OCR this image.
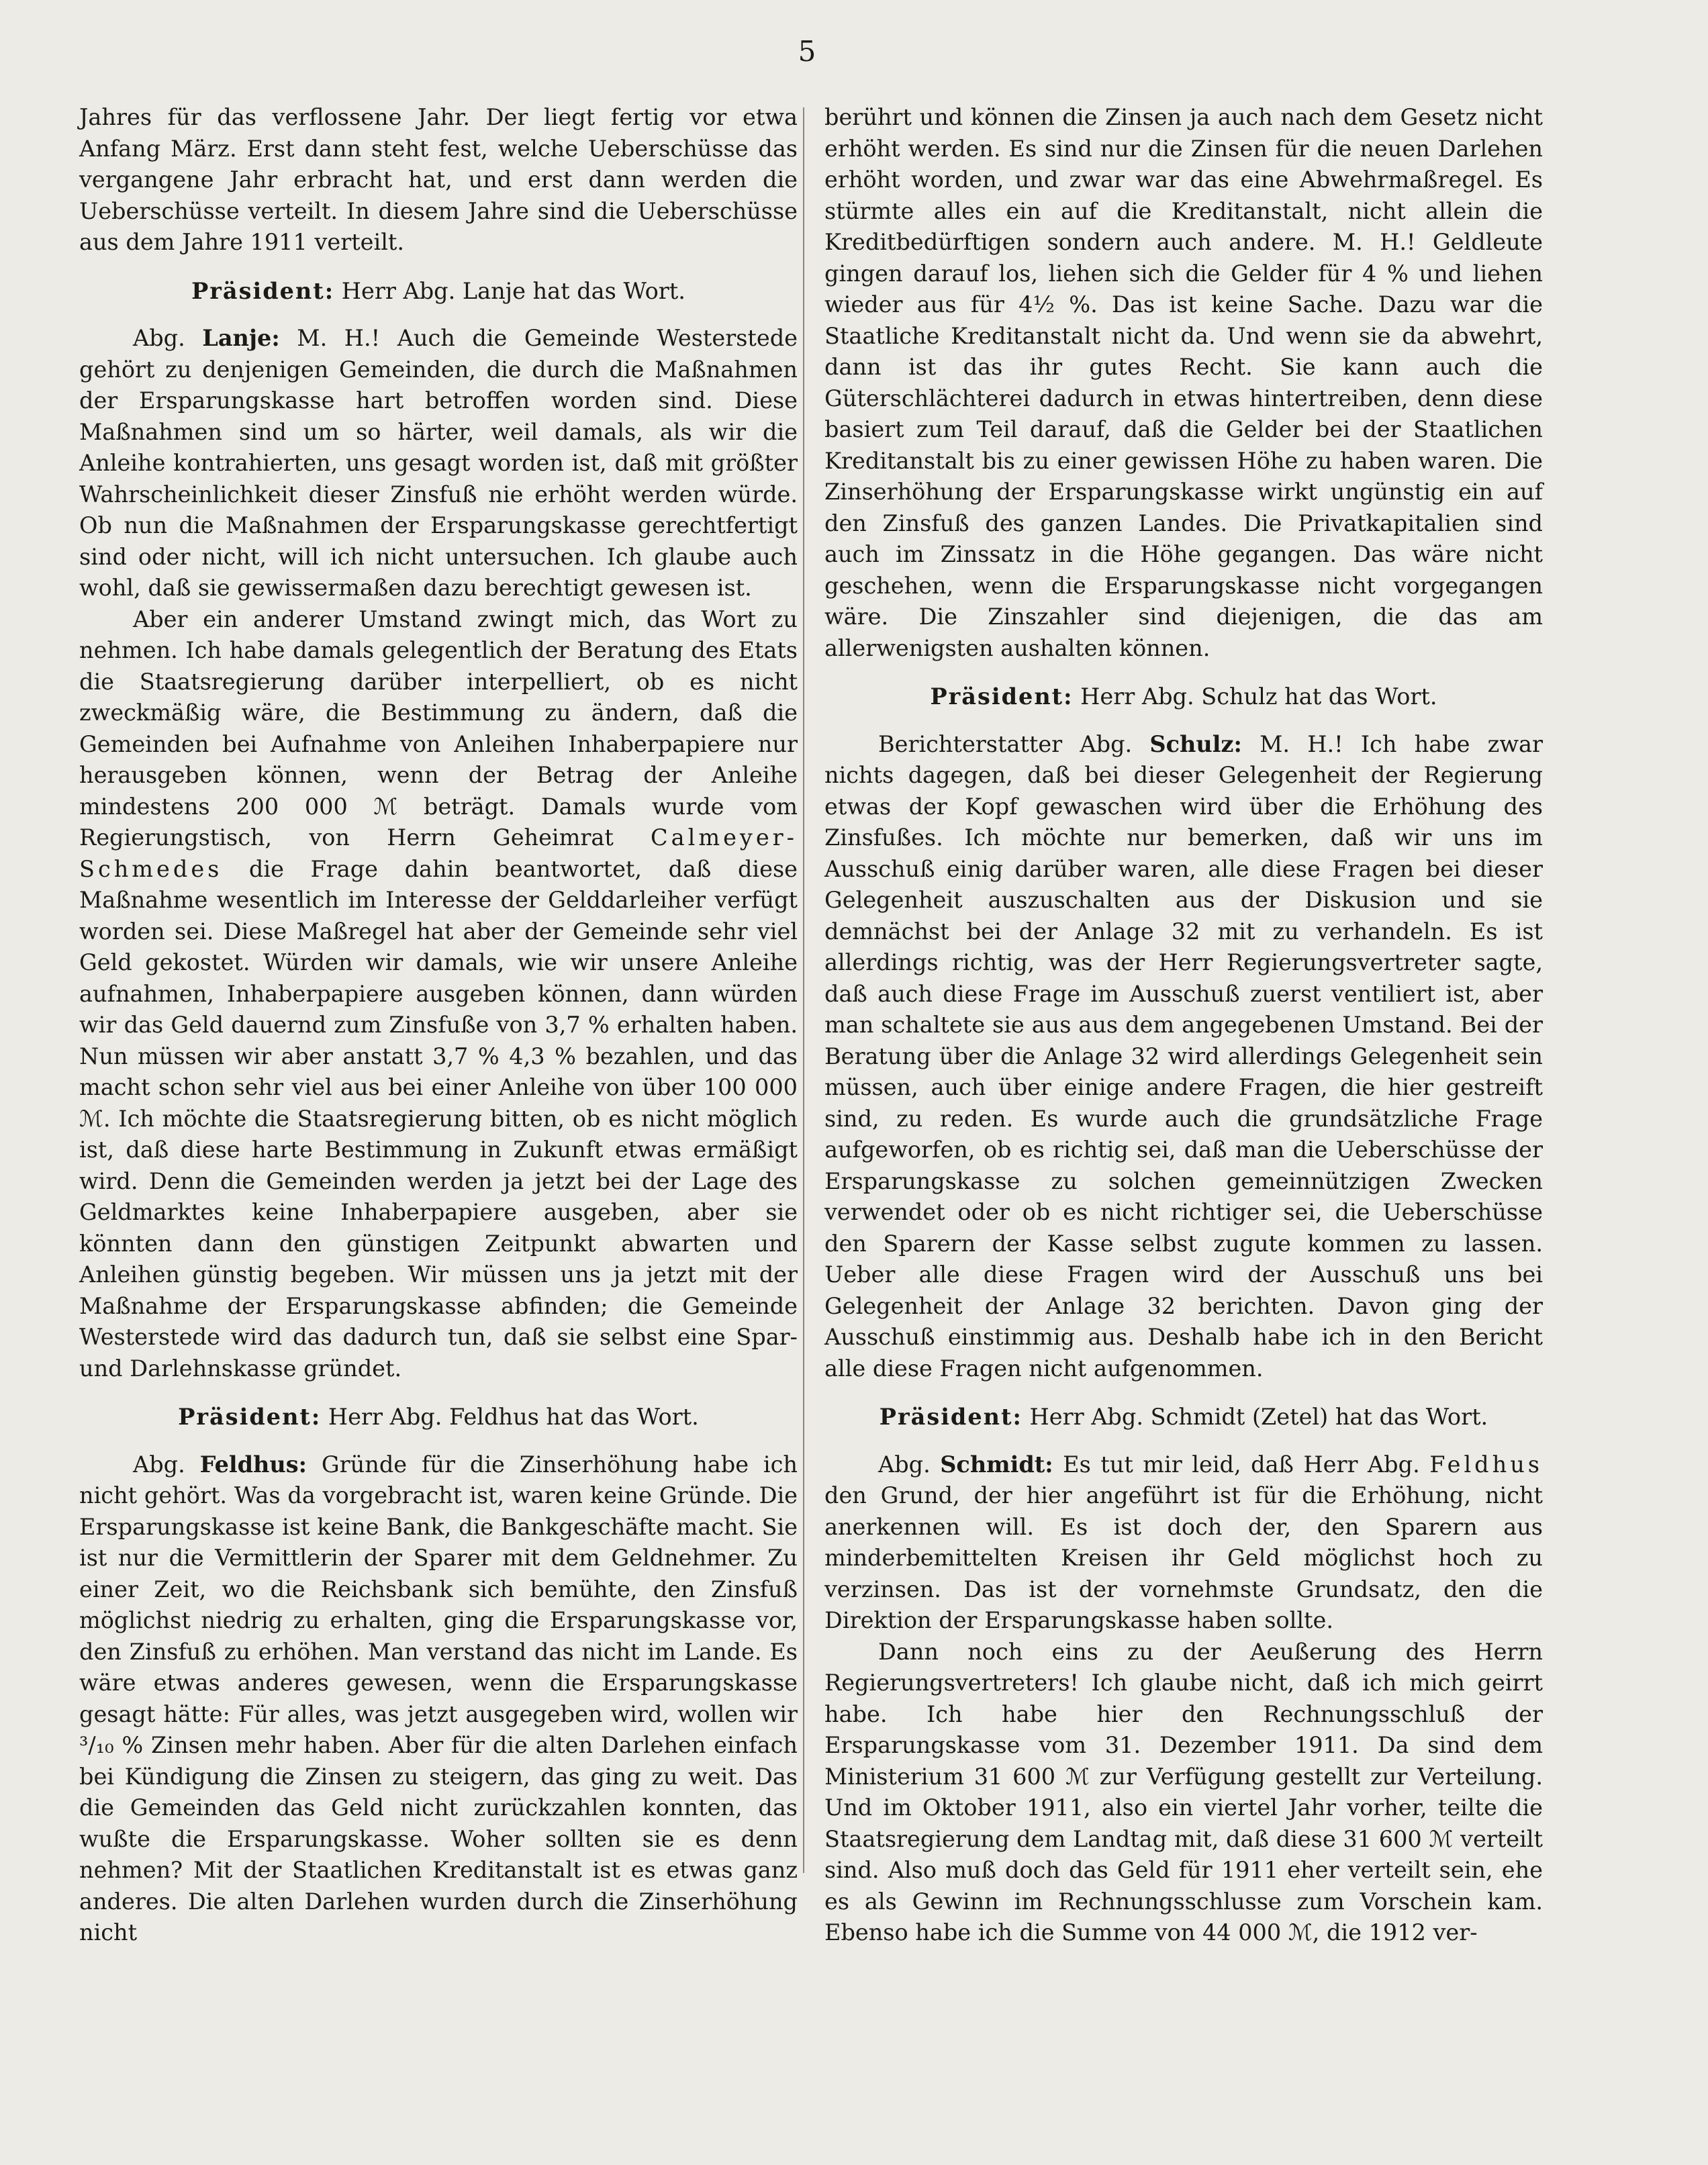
5

Jahres für das verflossene Jahr. Der liegt fertig vor etwa Anfang März. Erst dann steht fest, welche Ueberschüsse das vergangene Jahr erbracht hat, und erst dann werden die Ueberschüsse verteilt. In diesem Jahre sind die Ueberschüsse aus dem Jahre 1911 verteilt.

Präsident: Herr Abg. Lanje hat das Wort.

Abg. Lanje: M. H.! Auch die Gemeinde Westerstede gehört zu denjenigen Gemeinden, die durch die Maßnahmen der Ersparungskasse hart betroffen worden sind. Diese Maßnahmen sind um so härter, weil damals, als wir die Anleihe kontrahierten, uns gesagt worden ist, daß mit größter Wahrscheinlichkeit dieser Zinsfuß nie erhöht werden würde. Ob nun die Maßnahmen der Ersparungskasse gerechtfertigt sind oder nicht, will ich nicht untersuchen. Ich glaube auch wohl, daß sie gewissermaßen dazu berechtigt gewesen ist.

Aber ein anderer Umstand zwingt mich, das Wort zu nehmen. Ich habe damals gelegentlich der Beratung des Etats die Staatsregierung darüber interpelliert, ob es nicht zweckmäßig wäre, die Bestimmung zu ändern, daß die Gemeinden bei Aufnahme von Anleihen Inhaberpapiere nur herausgeben können, wenn der Betrag der Anleihe mindestens 200 000 ℳ beträgt. Damals wurde vom Regierungstisch, von Herrn Geheimrat Calmeyer-Schmedes die Frage dahin beantwortet, daß diese Maßnahme wesentlich im Interesse der Gelddarleiher verfügt worden sei. Diese Maßregel hat aber der Gemeinde sehr viel Geld gekostet. Würden wir damals, wie wir unsere Anleihe aufnahmen, Inhaberpapiere ausgeben können, dann würden wir das Geld dauernd zum Zinsfuße von 3,7 % erhalten haben. Nun müssen wir aber anstatt 3,7 % 4,3 % bezahlen, und das macht schon sehr viel aus bei einer Anleihe von über 100 000 ℳ. Ich möchte die Staatsregierung bitten, ob es nicht möglich ist, daß diese harte Bestimmung in Zukunft etwas ermäßigt wird. Denn die Gemeinden werden ja jetzt bei der Lage des Geldmarktes keine Inhaberpapiere ausgeben, aber sie könnten dann den günstigen Zeitpunkt abwarten und Anleihen günstig begeben. Wir müssen uns ja jetzt mit der Maßnahme der Ersparungskasse abfinden; die Gemeinde Westerstede wird das dadurch tun, daß sie selbst eine Spar- und Darlehnskasse gründet.

Präsident: Herr Abg. Feldhus hat das Wort.

Abg. Feldhus: Gründe für die Zinserhöhung habe ich nicht gehört. Was da vorgebracht ist, waren keine Gründe. Die Ersparungskasse ist keine Bank, die Bankgeschäfte macht. Sie ist nur die Vermittlerin der Sparer mit dem Geldnehmer. Zu einer Zeit, wo die Reichsbank sich bemühte, den Zinsfuß möglichst niedrig zu erhalten, ging die Ersparungskasse vor, den Zinsfuß zu erhöhen. Man verstand das nicht im Lande. Es wäre etwas anderes gewesen, wenn die Ersparungskasse gesagt hätte: Für alles, was jetzt ausgegeben wird, wollen wir ³/₁₀ % Zinsen mehr haben. Aber für die alten Darlehen einfach bei Kündigung die Zinsen zu steigern, das ging zu weit. Das die Gemeinden das Geld nicht zurückzahlen konnten, das wußte die Ersparungskasse. Woher sollten sie es denn nehmen? Mit der Staatlichen Kreditanstalt ist es etwas ganz anderes. Die alten Darlehen wurden durch die Zinserhöhung nicht

berührt und können die Zinsen ja auch nach dem Gesetz nicht erhöht werden. Es sind nur die Zinsen für die neuen Darlehen erhöht worden, und zwar war das eine Abwehrmaßregel. Es stürmte alles ein auf die Kreditanstalt, nicht allein die Kreditbedürftigen sondern auch andere. M. H.! Geldleute gingen darauf los, liehen sich die Gelder für 4 % und liehen wieder aus für 4½ %. Das ist keine Sache. Dazu war die Staatliche Kreditanstalt nicht da. Und wenn sie da abwehrt, dann ist das ihr gutes Recht. Sie kann auch die Güterschlächterei dadurch in etwas hintertreiben, denn diese basiert zum Teil darauf, daß die Gelder bei der Staatlichen Kreditanstalt bis zu einer gewissen Höhe zu haben waren. Die Zinserhöhung der Ersparungskasse wirkt ungünstig ein auf den Zinsfuß des ganzen Landes. Die Privatkapitalien sind auch im Zinssatz in die Höhe gegangen. Das wäre nicht geschehen, wenn die Ersparungskasse nicht vorgegangen wäre. Die Zinszahler sind diejenigen, die das am allerwenigsten aushalten können.

Präsident: Herr Abg. Schulz hat das Wort.

Berichterstatter Abg. Schulz: M. H.! Ich habe zwar nichts dagegen, daß bei dieser Gelegenheit der Regierung etwas der Kopf gewaschen wird über die Erhöhung des Zinsfußes. Ich möchte nur bemerken, daß wir uns im Ausschuß einig darüber waren, alle diese Fragen bei dieser Gelegenheit auszuschalten aus der Diskusion und sie demnächst bei der Anlage 32 mit zu verhandeln. Es ist allerdings richtig, was der Herr Regierungsvertreter sagte, daß auch diese Frage im Ausschuß zuerst ventiliert ist, aber man schaltete sie aus aus dem angegebenen Umstand. Bei der Beratung über die Anlage 32 wird allerdings Gelegenheit sein müssen, auch über einige andere Fragen, die hier gestreift sind, zu reden. Es wurde auch die grundsätzliche Frage aufgeworfen, ob es richtig sei, daß man die Ueberschüsse der Ersparungskasse zu solchen gemeinnützigen Zwecken verwendet oder ob es nicht richtiger sei, die Ueberschüsse den Sparern der Kasse selbst zugute kommen zu lassen. Ueber alle diese Fragen wird der Ausschuß uns bei Gelegenheit der Anlage 32 berichten. Davon ging der Ausschuß einstimmig aus. Deshalb habe ich in den Bericht alle diese Fragen nicht aufgenommen.

Präsident: Herr Abg. Schmidt (Zetel) hat das Wort.

Abg. Schmidt: Es tut mir leid, daß Herr Abg. Feldhus den Grund, der hier angeführt ist für die Erhöhung, nicht anerkennen will. Es ist doch der, den Sparern aus minderbemittelten Kreisen ihr Geld möglichst hoch zu verzinsen. Das ist der vornehmste Grundsatz, den die Direktion der Ersparungskasse haben sollte.

Dann noch eins zu der Aeußerung des Herrn Regierungsvertreters! Ich glaube nicht, daß ich mich geirrt habe. Ich habe hier den Rechnungsschluß der Ersparungskasse vom 31. Dezember 1911. Da sind dem Ministerium 31 600 ℳ zur Verfügung gestellt zur Verteilung. Und im Oktober 1911, also ein viertel Jahr vorher, teilte die Staatsregierung dem Landtag mit, daß diese 31 600 ℳ verteilt sind. Also muß doch das Geld für 1911 eher verteilt sein, ehe es als Gewinn im Rechnungsschlusse zum Vorschein kam. Ebenso habe ich die Summe von 44 000 ℳ, die 1912 ver-
